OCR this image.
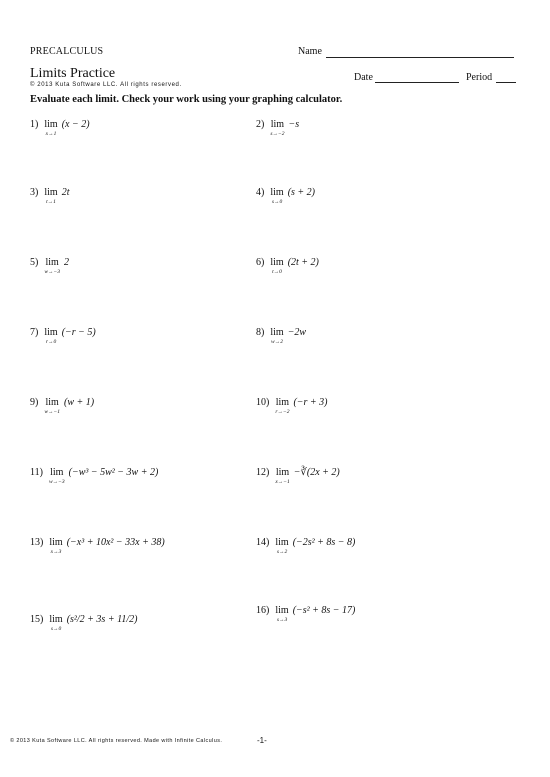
PRECALCULUS	Name
Limits Practice	Date	Period
© 2013 Kuta Software LLC. All rights reserved.
Evaluate each limit. Check your work using your graphing calculator.
1) lim
x→1
(x − 2)	2) lim
s→−2
−s
3) lim
t→1
2t	4) lim
s→0
(s + 2)
5) lim
w→−3
2	6) lim
t→0
(2t + 2)
7) lim
r→0
(−r − 5)	8) lim
w→2
−2w
9) lim
w→−1
(w + 1)	10) lim
r→−2
(−r + 3)
11) lim
w→−3
(−w³ − 5w² − 3w + 2)	12) lim
x→−1
−∛(2x + 2)
13) lim
x→3
(−x³ + 10x² − 33x + 38)	14) lim
s→2
(−2s² + 8s − 8)
15) lim
s→0
(s²/2 + 3s + 11/2)
16) lim
s→3
(−s² + 8s − 17)
© 2013 Kuta Software LLC. All rights reserved. Made with Infinite Calculus.	-1-
